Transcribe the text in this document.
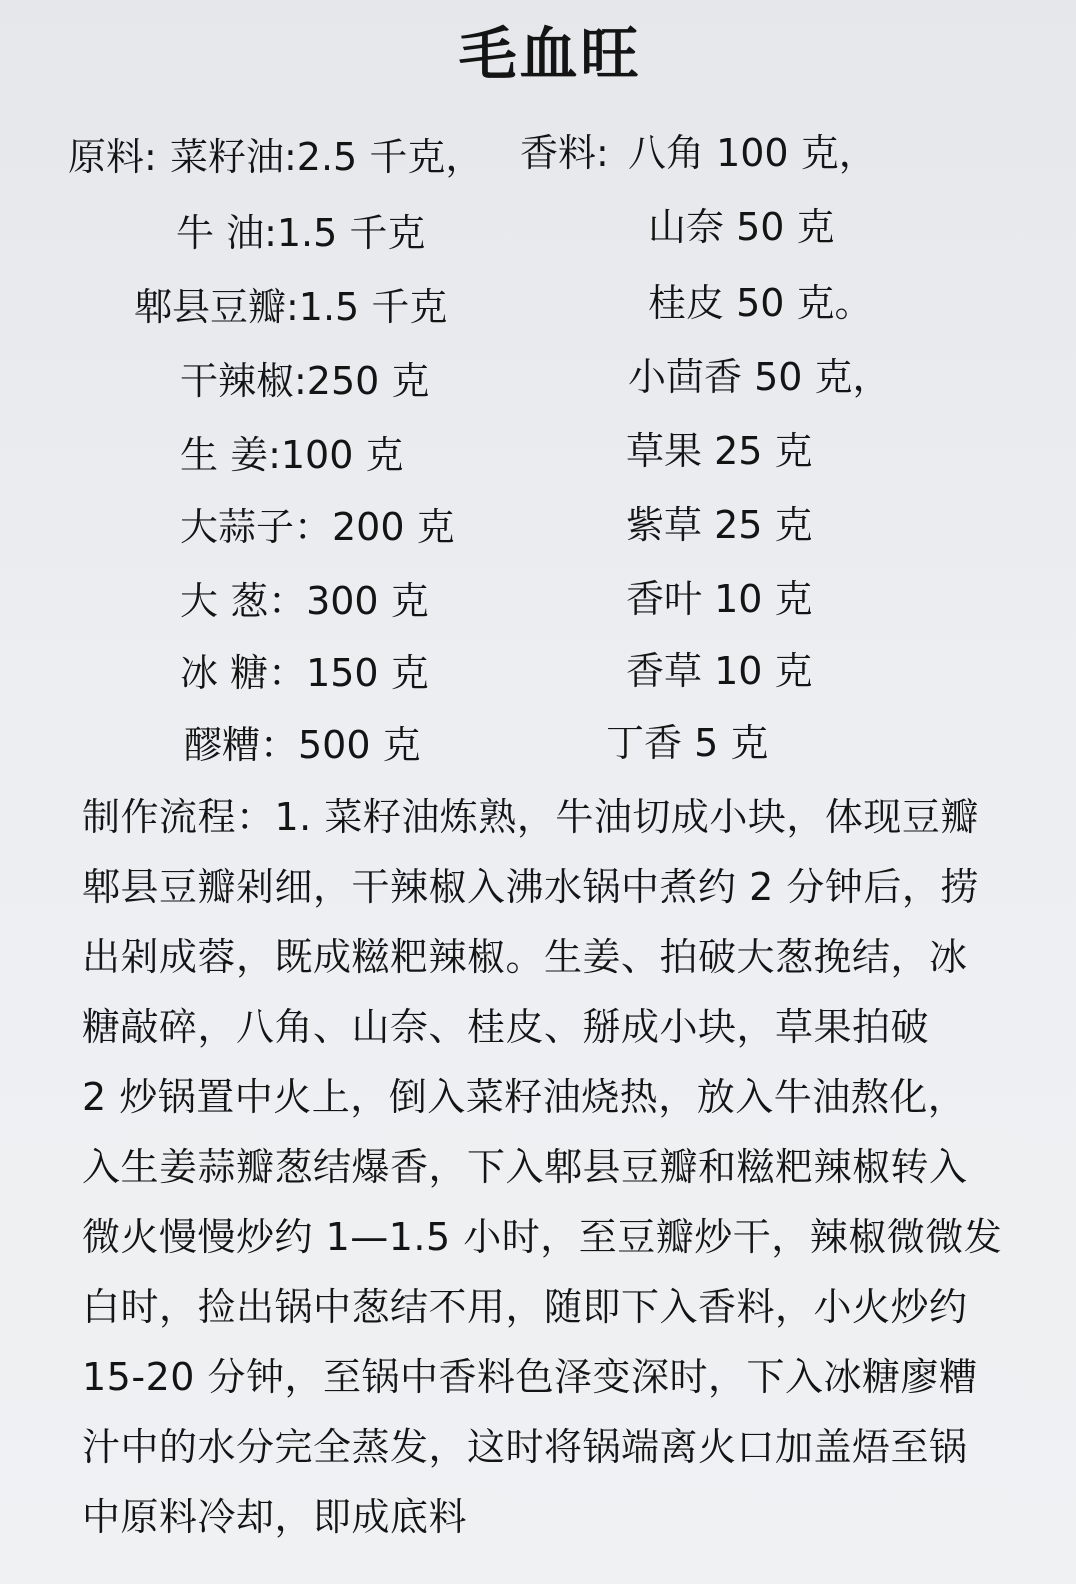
毛血旺
原料:	香料:
菜籽油:2.5 千克，
牛 油:1.5 千克
郫县豆瓣:1.5 千克
干辣椒:250 克
生 姜:100 克
大蒜子：200 克
大 葱：300 克
冰 糖：150 克
醪糟：500 克
八角 100 克，
山奈 50 克
桂皮 50 克。
小茴香 50 克，
草果 25 克
紫草 25 克
香叶 10 克
香草 10 克
丁香 5 克
制作流程：1. 菜籽油炼熟，牛油切成小块，体现豆瓣
郫县豆瓣剁细，干辣椒入沸水锅中煮约 2 分钟后，捞
出剁成蓉，既成糍粑辣椒。生姜、拍破大葱挽结，冰
糖敲碎，八角、山奈、桂皮、掰成小块，草果拍破
2 炒锅置中火上，倒入菜籽油烧热，放入牛油熬化，
入生姜蒜瓣葱结爆香，下入郫县豆瓣和糍粑辣椒转入
微火慢慢炒约 1—1.5 小时，至豆瓣炒干，辣椒微微发
白时，捡出锅中葱结不用，随即下入香料，小火炒约
15-20 分钟，至锅中香料色泽变深时，下入冰糖廖糟
汁中的水分完全蒸发，这时将锅端离火口加盖焐至锅
中原料冷却，即成底料
